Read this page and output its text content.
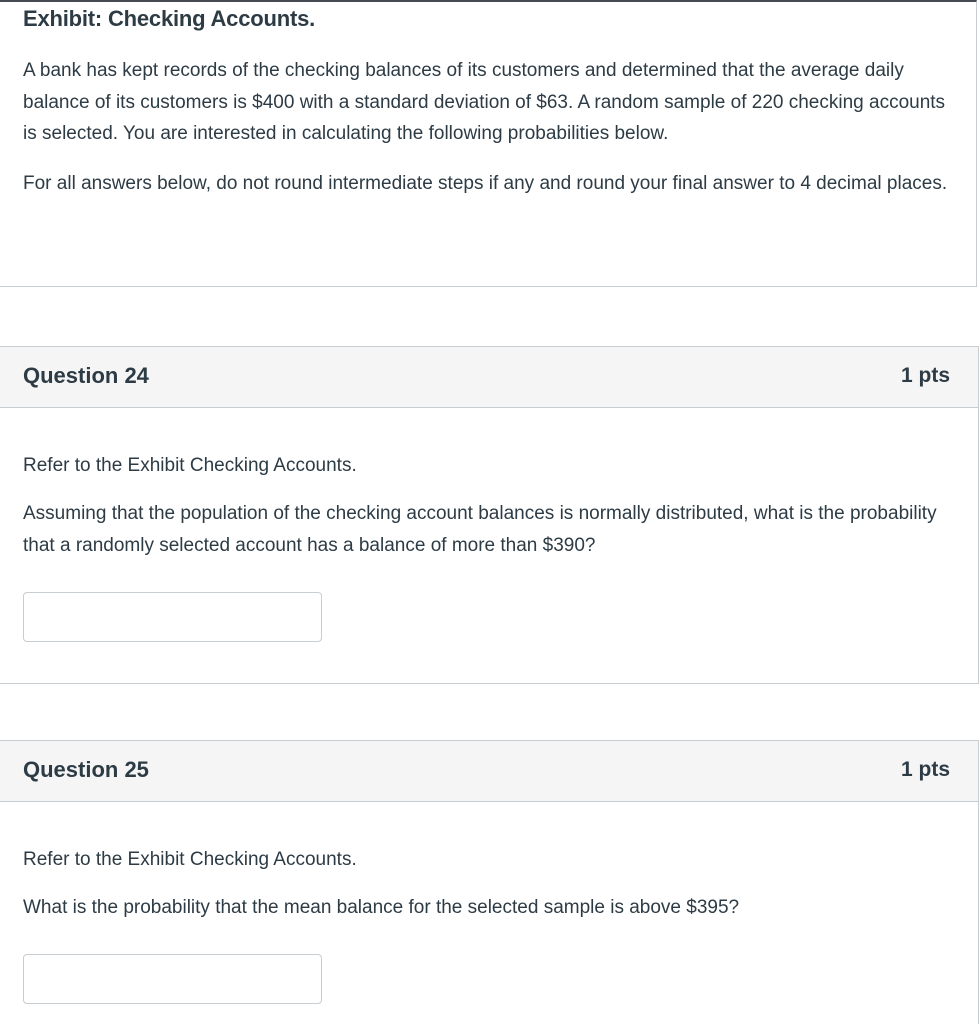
Exhibit: Checking Accounts.

A bank has kept records of the checking balances of its customers and determined that the average daily balance of its customers is $400 with a standard deviation of $63. A random sample of 220 checking accounts is selected. You are interested in calculating the following probabilities below.

For all answers below, do not round intermediate steps if any and round your final answer to 4 decimal places.

Question 24	1 pts

Refer to the Exhibit Checking Accounts.

Assuming that the population of the checking account balances is normally distributed, what is the probability that a randomly selected account has a balance of more than $390?

Question 25	1 pts

Refer to the Exhibit Checking Accounts.

What is the probability that the mean balance for the selected sample is above $395?
